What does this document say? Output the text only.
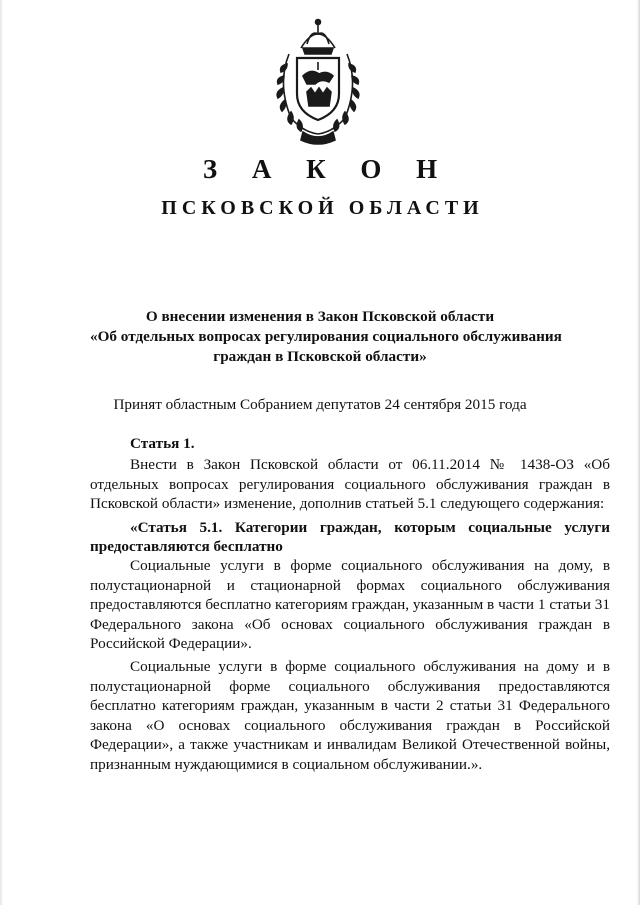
З А К О Н
ПСКОВСКОЙ ОБЛАСТИ
О внесении изменения в Закон Псковской области
«Об отдельных вопросах регулирования социального обслуживания
граждан в Псковской области»
Принят областным Собранием депутатов 24 сентября 2015 года
Статья 1.

Внести в Закон Псковской области от 06.11.2014 № 1438-ОЗ «Об отдельных вопросах регулирования социального обслуживания граждан в Псковской области» изменение, дополнив статьей 5.1 следующего содержания:

«Статья 5.1. Категории граждан, которым социальные услуги предоставляются бесплатно

Социальные услуги в форме социального обслуживания на дому, в полустационарной и стационарной формах социального обслуживания предоставляются бесплатно категориям граждан, указанным в части 1 статьи 31 Федерального закона «Об основах социального обслуживания граждан в Российской Федерации».

Социальные услуги в форме социального обслуживания на дому и в полустационарной форме социального обслуживания предоставляются бесплатно категориям граждан, указанным в части 2 статьи 31 Федерального закона «О основах социального обслуживания граждан в Российской Федерации», а также участникам и инвалидам Великой Отечественной войны, признанным нуждающимися в социальном обслуживании.».
